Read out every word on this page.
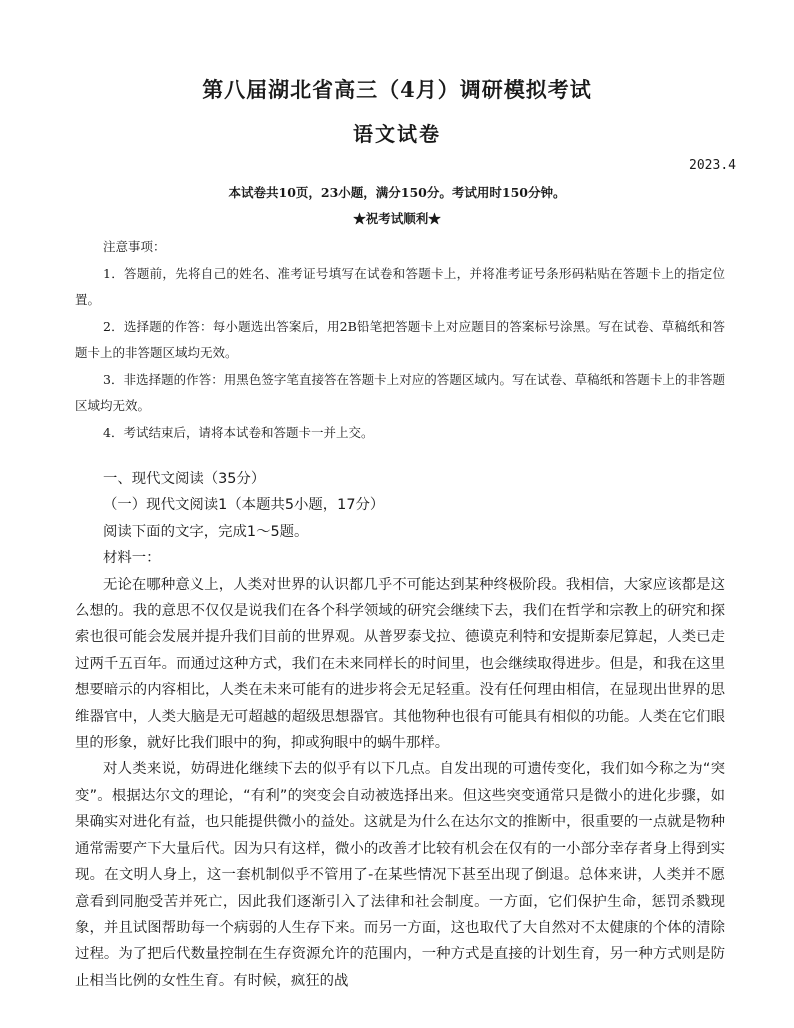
第八届湖北省高三（4月）调研模拟考试
语文试卷
2023.4
本试卷共10页，23小题，满分150分。考试用时150分钟。
★祝考试顺利★

注意事项：

1．答题前，先将自己的姓名、准考证号填写在试卷和答题卡上，并将准考证号条形码粘贴在答题卡上的指定位置。

2．选择题的作答：每小题选出答案后，用2B铅笔把答题卡上对应题目的答案标号涂黑。写在试卷、草稿纸和答题卡上的非答题区域均无效。

3．非选择题的作答：用黑色签字笔直接答在答题卡上对应的答题区域内。写在试卷、草稿纸和答题卡上的非答题区域均无效。

4．考试结束后，请将本试卷和答题卡一并上交。

一、现代文阅读（35分）

（一）现代文阅读1（本题共5小题，17分）

阅读下面的文字，完成1～5题。

材料一：

无论在哪种意义上，人类对世界的认识都几乎不可能达到某种终极阶段。我相信，大家应该都是这么想的。我的意思不仅仅是说我们在各个科学领域的研究会继续下去，我们在哲学和宗教上的研究和探索也很可能会发展并提升我们目前的世界观。从普罗泰戈拉、德谟克利特和安提斯泰尼算起，人类已走过两千五百年。而通过这种方式，我们在未来同样长的时间里，也会继续取得进步。但是，和我在这里想要暗示的内容相比，人类在未来可能有的进步将会无足轻重。没有任何理由相信，在显现出世界的思维器官中，人类大脑是无可超越的超级思想器官。其他物种也很有可能具有相似的功能。人类在它们眼里的形象，就好比我们眼中的狗，抑或狗眼中的蜗牛那样。

对人类来说，妨碍进化继续下去的似乎有以下几点。自发出现的可遗传变化，我们如今称之为“突变”。根据达尔文的理论，“有利”的突变会自动被选择出来。但这些突变通常只是微小的进化步骤，如果确实对进化有益，也只能提供微小的益处。这就是为什么在达尔文的推断中，很重要的一点就是物种通常需要产下大量后代。因为只有这样，微小的改善才比较有机会在仅有的一小部分幸存者身上得到实现。在文明人身上，这一套机制似乎不管用了-在某些情况下甚至出现了倒退。总体来讲，人类并不愿意看到同胞受苦并死亡，因此我们逐渐引入了法律和社会制度。一方面，它们保护生命，惩罚杀戮现象，并且试图帮助每一个病弱的人生存下来。而另一方面，这也取代了大自然对不太健康的个体的清除过程。为了把后代数量控制在生存资源允许的范围内，一种方式是直接的计划生育，另一种方式则是防止相当比例的女性生育。有时候，疯狂的战
